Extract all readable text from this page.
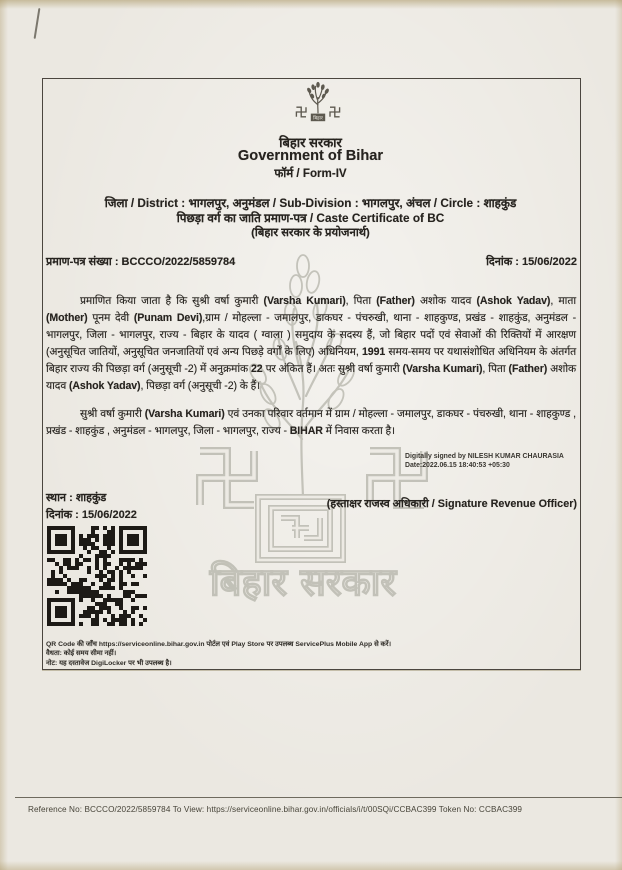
बिहार सरकार
बिहार
बिहार सरकार
Government of Bihar
फॉर्म / Form-IV
जिला / District : भागलपुर, अनुमंडल / Sub-Division : भागलपुर, अंचल / Circle : शाहकुंड
पिछड़ा वर्ग का जाति प्रमाण-पत्र / Caste Certificate of BC
(बिहार सरकार के प्रयोजनार्थ)
प्रमाण-पत्र संख्या : BCCCO/2022/5859784	दिनांक : 15/06/2022

प्रमाणित किया जाता है कि सुश्री वर्षा कुमारी (Varsha Kumari), पिता (Father) अशोक यादव (Ashok Yadav), माता (Mother) पूनम देवी (Punam Devi),ग्राम / मोहल्ला - जमालपुर, डाकघर - पंचरुखी, थाना - शाहकुण्ड, प्रखंड - शाहकुंड, अनुमंडल - भागलपुर, जिला - भागलपुर, राज्य - बिहार के यादव ( ग्वाला ) समुदाय के सदस्य हैं, जो बिहार पदों एवं सेवाओं की रिक्तियों में आरक्षण (अनुसूचित जातियों, अनुसूचित जनजातियों एवं अन्य पिछड़े वर्गों के लिए) अधिनियम, 1991 समय-समय पर यथासंशोधित अधिनियम के अंतर्गत बिहार राज्य की पिछड़ा वर्ग (अनुसूची -2) में अनुक्रमांक 22 पर अंकित हैं। अतः सुश्री वर्षा कुमारी (Varsha Kumari), पिता (Father) अशोक यादव (Ashok Yadav), पिछड़ा वर्ग (अनुसूची -2) के हैं।

सुश्री वर्षा कुमारी (Varsha Kumari) एवं उनका परिवार वर्तमान में ग्राम / मोहल्ला - जमालपुर, डाकघर - पंचरुखी, थाना - शाहकुण्ड , प्रखंड - शाहकुंड , अनुमंडल - भागलपुर, जिला - भागलपुर, राज्य - BIHAR में निवास करता है।

Digitally signed by NILESH KUMAR CHAURASIA
Date:2022.06.15 18:40:53 +05:30
स्थान : शाहकुंड
दिनांक : 15/06/2022
(हस्ताक्षर राजस्व अधिकारी / Signature Revenue Officer)
QR Code की जाँच https://serviceonline.bihar.gov.in पोर्टल एवं Play Store पर उपलब्ध ServicePlus Mobile App से करें।
वैधता: कोई समय सीमा नहीं।
नोट: यह दस्तावेज DigiLocker पर भी उपलब्ध है।
Reference No: BCCCO/2022/5859784 To View: https://serviceonline.bihar.gov.in/officials/i/t/00SQi/CCBAC399 Token No: CCBAC399
